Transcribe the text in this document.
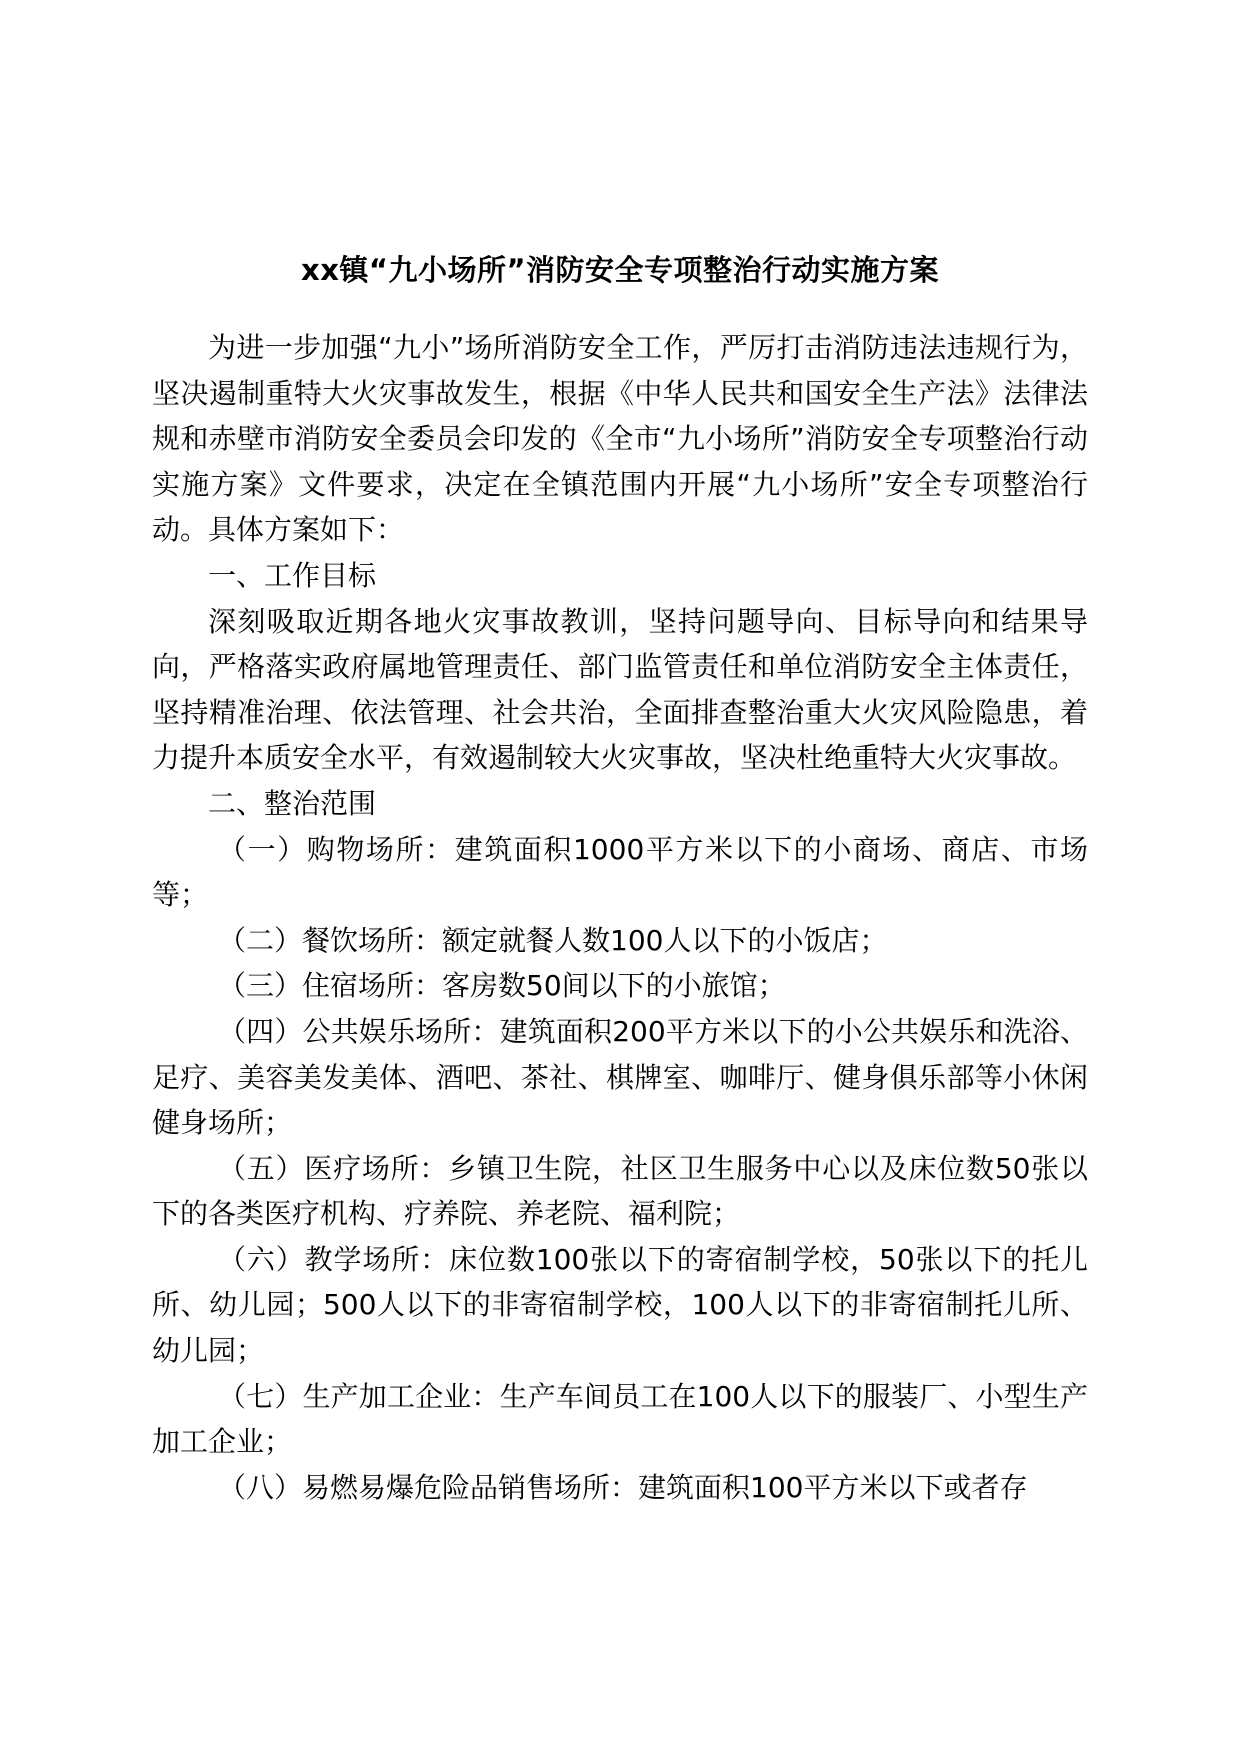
xx镇“九小场所”消防安全专项整治行动实施方案

为进一步加强“九小”场所消防安全工作，严厉打击消防违法违规行为，坚决遏制重特大火灾事故发生，根据《中华人民共和国安全生产法》法律法规和赤壁市消防安全委员会印发的《全市“九小场所”消防安全专项整治行动实施方案》文件要求，决定在全镇范围内开展“九小场所”安全专项整治行动。具体方案如下：

一、工作目标

深刻吸取近期各地火灾事故教训，坚持问题导向、目标导向和结果导向，严格落实政府属地管理责任、部门监管责任和单位消防安全主体责任，坚持精准治理、依法管理、社会共治，全面排查整治重大火灾风险隐患，着力提升本质安全水平，有效遏制较大火灾事故，坚决杜绝重特大火灾事故。

二、整治范围

（一）购物场所：建筑面积1000平方米以下的小商场、商店、市场等；

（二）餐饮场所：额定就餐人数100人以下的小饭店；

（三）住宿场所：客房数50间以下的小旅馆；

（四）公共娱乐场所：建筑面积200平方米以下的小公共娱乐和洗浴、足疗、美容美发美体、酒吧、茶社、棋牌室、咖啡厅、健身俱乐部等小休闲健身场所；

（五）医疗场所：乡镇卫生院，社区卫生服务中心以及床位数50张以下的各类医疗机构、疗养院、养老院、福利院；

（六）教学场所：床位数100张以下的寄宿制学校，50张以下的托儿所、幼儿园；500人以下的非寄宿制学校，100人以下的非寄宿制托儿所、幼儿园；

（七）生产加工企业：生产车间员工在100人以下的服装厂、小型生产加工企业；

（八）易燃易爆危险品销售场所：建筑面积100平方米以下或者存
